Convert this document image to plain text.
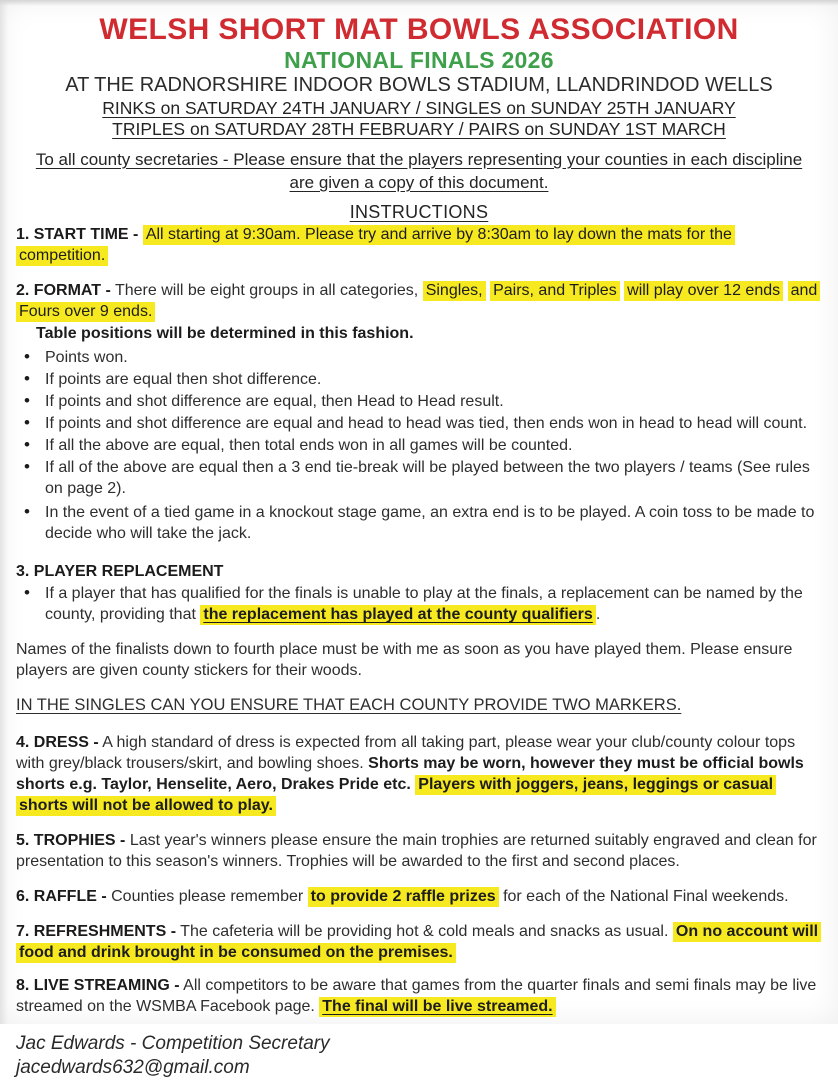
WELSH SHORT MAT BOWLS ASSOCIATION
NATIONAL FINALS 2026
AT THE RADNORSHIRE INDOOR BOWLS STADIUM, LLANDRINDOD WELLS
RINKS on SATURDAY 24TH JANUARY / SINGLES on SUNDAY 25TH JANUARY
TRIPLES on SATURDAY 28TH FEBRUARY / PAIRS on SUNDAY 1ST MARCH
To all county secretaries - Please ensure that the players representing your counties in each discipline are given a copy of this document.
INSTRUCTIONS

1. START TIME - All starting at 9:30am. Please try and arrive by 8:30am to lay down the mats for the competition.

2. FORMAT - There will be eight groups in all categories, Singles, Pairs, and Triples will play over 12 ends and Fours over 9 ends.

Table positions will be determined in this fashion.

• Points won.
• If points are equal then shot difference.
• If points and shot difference are equal, then Head to Head result.
• If points and shot difference are equal and head to head was tied, then ends won in head to head will count.
• If all the above are equal, then total ends won in all games will be counted.
• If all of the above are equal then a 3 end tie-break will be played between the two players / teams (See rules on page 2).
• In the event of a tied game in a knockout stage game, an extra end is to be played. A coin toss to be made to decide who will take the jack.

3. PLAYER REPLACEMENT

• If a player that has qualified for the finals is unable to play at the finals, a replacement can be named by the county, providing that the replacement has played at the county qualifiers .

Names of the finalists down to fourth place must be with me as soon as you have played them. Please ensure players are given county stickers for their woods.

IN THE SINGLES CAN YOU ENSURE THAT EACH COUNTY PROVIDE TWO MARKERS.

4. DRESS - A high standard of dress is expected from all taking part, please wear your club/county colour tops with grey/black trousers/skirt, and bowling shoes. Shorts may be worn, however they must be official bowls shorts e.g. Taylor, Henselite, Aero, Drakes Pride etc. Players with joggers, jeans, leggings or casual shorts will not be allowed to play.

5. TROPHIES - Last year's winners please ensure the main trophies are returned suitably engraved and clean for presentation to this season's winners. Trophies will be awarded to the first and second places.

6. RAFFLE - Counties please remember to provide 2 raffle prizes for each of the National Final weekends.

7. REFRESHMENTS - The cafeteria will be providing hot & cold meals and snacks as usual. On no account will food and drink brought in be consumed on the premises.

8. LIVE STREAMING - All competitors to be aware that games from the quarter finals and semi finals may be live streamed on the WSMBA Facebook page. The final will be live streamed.

Jac Edwards - Competition Secretary
jacedwards632@gmail.com
